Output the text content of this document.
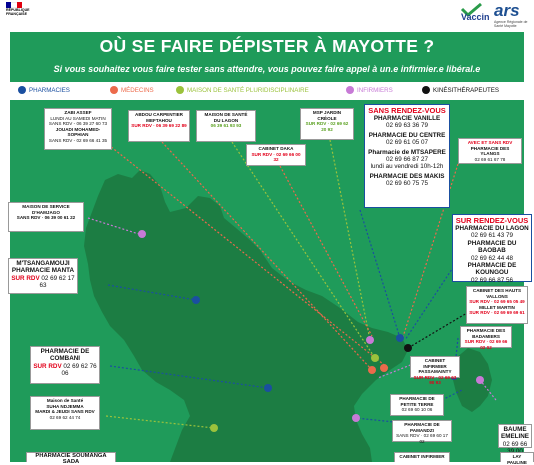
RÉPUBLIQUE FRANÇAISE	Vaccin ars
Agence Régionale de Santé Mayotte
OÙ SE FAIRE DÉPISTER À MAYOTTE ?
Si vous souhaitez vous faire tester sans attendre, vous pouvez faire appel à un.e infirmier.e libéral.e
PHARMACIES	MÉDECINS	MAISON DE SANTÉ PLURIDISCIPLINAIRE	INFIRMIERS	KINÉSITHÉRAPEUTES
ZABI ASSEF
LUNDI AU SAMEDI MATIN
SANS RDV - 06 39 27 60 73
JOUADI MOHAMED-SOPHIAN
SANS RDV - 02 69 66 41 35
ABDOU CARPENTIER
MEFTAHOU
SUR RDV · 06 39 69 22 89
MAISON DE SANTÉ
DU LAGON
06 39 61 93 93
MSP JARDIN
CRÉOLE
SUR RDV · 02 69 62 20 92
CABINET DAKA
SUR RDV · 02 69 66 00 32
SANS RENDEZ-VOUS
PHARMACIE VANILLE
02 69 63 36 79
PHARMACIE DU CENTRE
02 69 61 05 07
Pharmacie de MTSAPERE
02 69 66 87 27
lundi au vendredi 10h-12h
PHARMACIE DES MAKIS
02 69 60 75 75
AVEC ET SANS RDV
PHARMACIE DES YLANGS
02 69 61 67 78
SUR RENDEZ-VOUS
PHARMACIE DU LAGON
02 69 61 43 79
PHARMACIE DU BAOBAB
02 69 62 44 48
PHARMACIE DE KOUNGOU
02 69 66 87 56
CABINET DES HAUTS
VALLONS
SUR RDV · 02 69 65 05 49
MILLET MARTIN
SUR RDV · 02 69 69 69 61
MAISON DE SERVICE
D'HAMJAGO
SANS RDV · 06 39 00 61 22
M'TSANGAMOUJI
PHARMACIE MANTA
SUR RDV 02 69 62 17 63
PHARMACIE DES
BADAMIERS
SUR RDV · 02 69 66 02 02
CABINET INFIRMIER
PASSAMAINTY
SUR RDV · 02 69 63 90 93
PHARMACIE DE
COMBANI
SUR RDV 02 69 62 76 06
PHARMACIE DE
PETITE TERRE
02 69 60 10 06
PHARMACIE DE
PAMANDZI
SANS RDV · 02 69 60 17 02
BAUME
EMELINE
02 69 66
Maison de Santé
SUHA NDJEMMA
MARDI & JEUDI SANS RDV
02 69 62 44 74
PHARMACIE SOUMANGA SADA
CABINET INFIRMIER	LAY PAULINE
